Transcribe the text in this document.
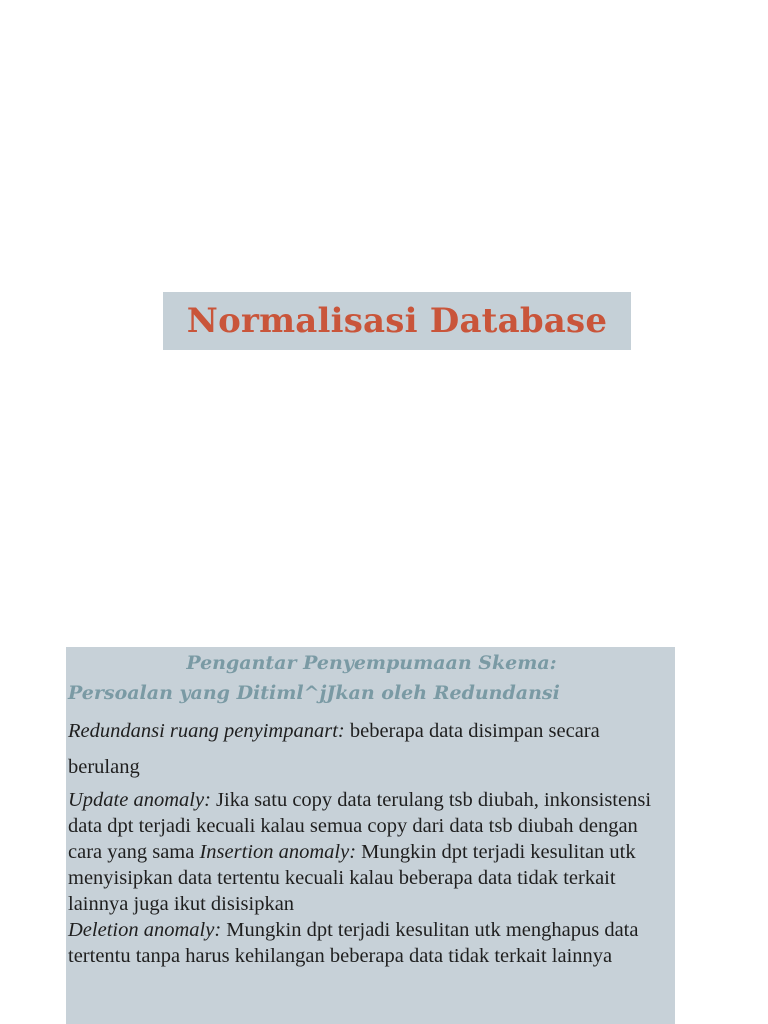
Normalisasi Database

Pengantar Penyempumaan Skema:

Persoalan yang Ditiml^jJkan oleh Redundansi

Redundansi ruang penyimpanart: beberapa data disimpan secara berulang

Update anomaly: Jika satu copy data terulang tsb diubah, inkonsistensi data dpt terjadi kecuali kalau semua copy dari data tsb diubah dengan cara yang sama Insertion anomaly: Mungkin dpt terjadi kesulitan utk menyisipkan data tertentu kecuali kalau beberapa data tidak terkait lainnya juga ikut disisipkan

Deletion anomaly: Mungkin dpt terjadi kesulitan utk menghapus data tertentu tanpa harus kehilangan beberapa data tidak terkait lainnya
